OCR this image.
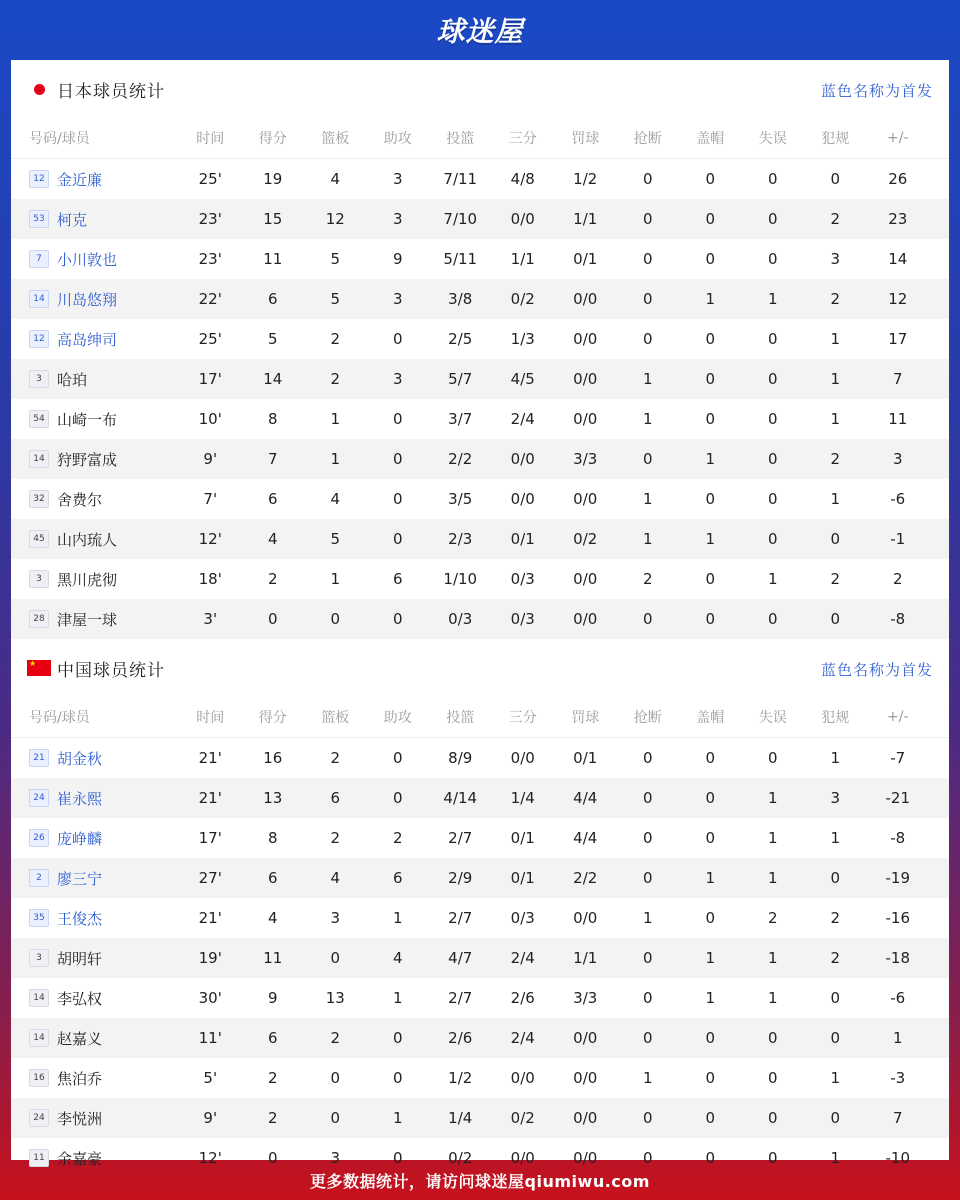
球迷屋
日本球员统计	蓝色名称为首发
号码/球员	时间	得分	篮板	助攻	投篮	三分	罚球	抢断	盖帽	失误	犯规	+/-
12 金近廉	25'	19	4	3	7/11	4/8	1/2	0	0	0	0	26
53 柯克	23'	15	12	3	7/10	0/0	1/1	0	0	0	2	23
7	小川敦也	23'	11	5	9	5/11	1/1	0/1	0	0	0	3	14
14 川岛悠翔	22'	6	5	3	3/8	0/2	0/0	0	1	1	2	12
12 高岛绅司	25'	5	2	0	2/5	1/3	0/0	0	0	0	1	17
3	哈珀	17'	14	2	3	5/7	4/5	0/0	1	0	0	1	7
54 山崎一布	10'	8	1	0	3/7	2/4	0/0	1	0	0	1	11
14 狩野富成	9'	7	1	0	2/2	0/0	3/3	0	1	0	2	3
32 舍费尔	7'	6	4	0	3/5	0/0	0/0	1	0	0	1	-6
45 山内琉人	12'	4	5	0	2/3	0/1	0/2	1	1	0	0	-1
3	黑川虎彻	18'	2	1	6	1/10	0/3	0/0	2	0	1	2	2
28 津屋一球	3'	0	0	0	0/3	0/3	0/0	0	0	0	0	-8
★ 中国球员统计	蓝色名称为首发
号码/球员	时间	得分	篮板	助攻	投篮	三分	罚球	抢断	盖帽	失误	犯规	+/-
21 胡金秋	21'	16	2	0	8/9	0/0	0/1	0	0	0	1	-7
24 崔永熙	21'	13	6	0	4/14	1/4	4/4	0	0	1	3	-21
26 庞峥麟	17'	8	2	2	2/7	0/1	4/4	0	0	1	1	-8
2	廖三宁	27'	6	4	6	2/9	0/1	2/2	0	1	1	0	-19
35 王俊杰	21'	4	3	1	2/7	0/3	0/0	1	0	2	2	-16
3	胡明轩	19'	11	0	4	4/7	2/4	1/1	0	1	1	2	-18
14 李弘权	30'	9	13	1	2/7	2/6	3/3	0	1	1	0	-6
14 赵嘉义	11'	6	2	0	2/6	2/4	0/0	0	0	0	0	1
16 焦泊乔	5'	2	0	0	1/2	0/0	0/0	1	0	0	1	-3
24 李悦洲	9'	2	0	1	1/4	0/2	0/0	0	0	0	0	7
11 余嘉豪	12'	0	3	0	0/2	0/0	0/0	0	0	0	1	-10
更多数据统计，请访问球迷屋qiumiwu.com
